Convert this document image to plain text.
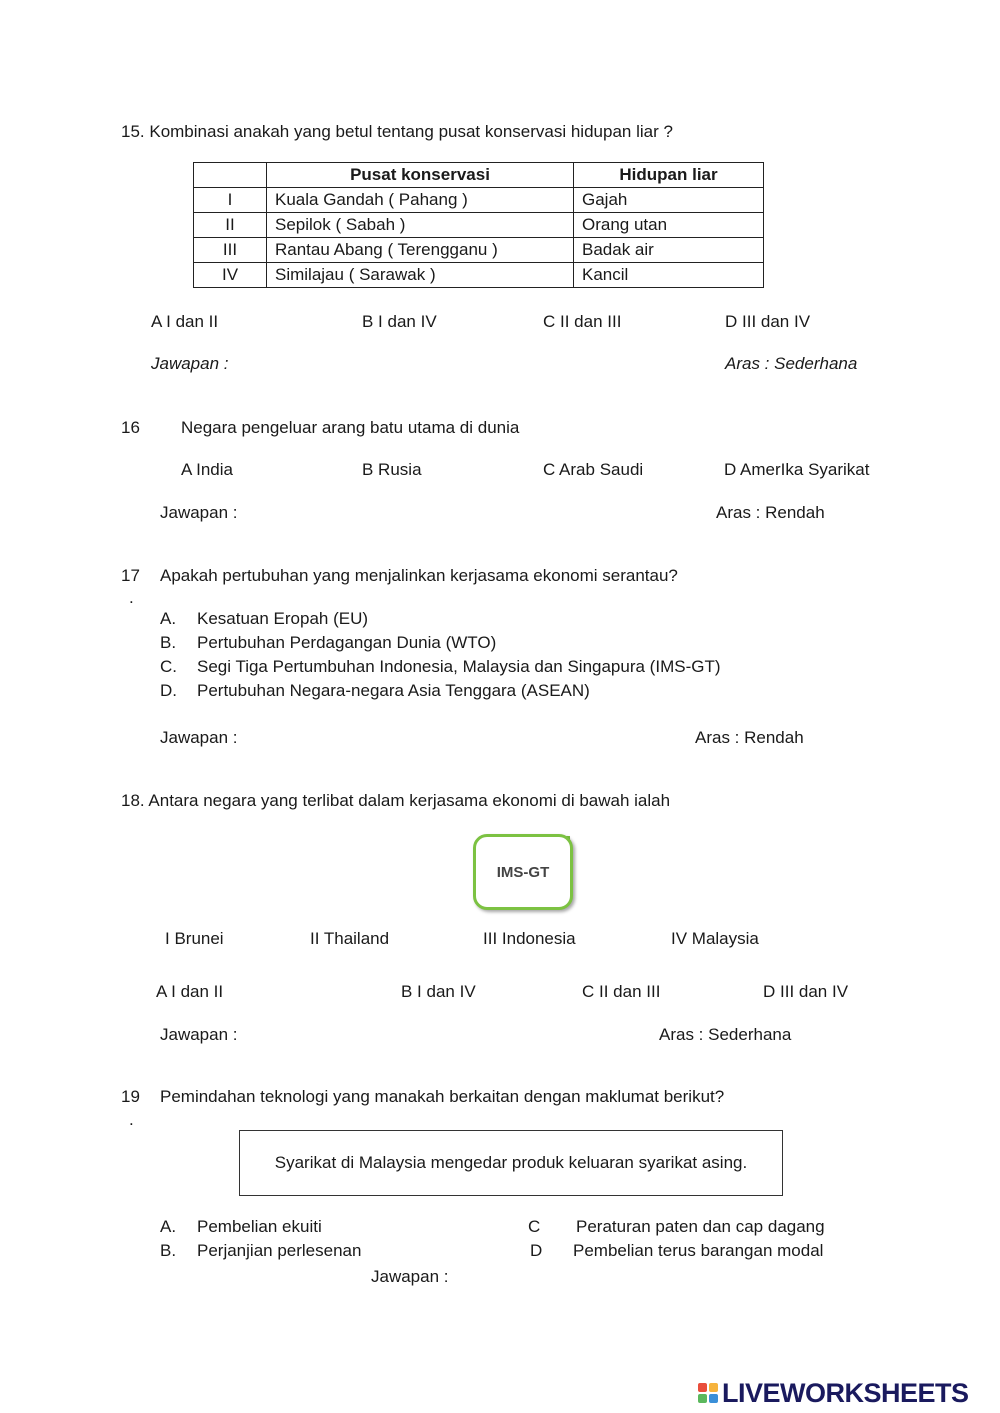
15. Kombinasi anakah yang betul tentang pusat konservasi hidupan liar ?
	Pusat konservasi	Hidupan liar
I	Kuala Gandah ( Pahang )	Gajah
II	Sepilok ( Sabah )	Orang utan
III	Rantau Abang ( Terengganu )	Badak air
IV	Similajau ( Sarawak )	Kancil
A I dan II	B I dan IV	C II dan III	D III dan IV
Jawapan :	Aras : Sederhana
16 Negara pengeluar arang batu utama di dunia
A India	B Rusia	C Arab Saudi	D AmerIka Syarikat
Jawapan :	Aras : Rendah
17 Apakah pertubuhan yang menjalinkan kerjasama ekonomi serantau?
.
A. Kesatuan Eropah (EU)
B. Pertubuhan Perdagangan Dunia (WTO)
C. Segi Tiga Pertumbuhan Indonesia, Malaysia dan Singapura (IMS-GT)
D. Pertubuhan Negara-negara Asia Tenggara (ASEAN)
Jawapan :	Aras : Rendah
18. Antara negara yang terlibat dalam kerjasama ekonomi di bawah ialah
IMS-GT
I Brunei	II Thailand	III Indonesia	IV Malaysia
A I dan II	B I dan IV	C II dan III	D III dan IV
Jawapan :	Aras : Sederhana
19 Pemindahan teknologi yang manakah berkaitan dengan maklumat berikut?
.
Syarikat di Malaysia mengedar produk keluaran syarikat asing.
A. Pembelian ekuiti
B. Perjanjian perlesenan
C Peraturan paten dan cap dagang
D Pembelian terus barangan modal
Jawapan :
LIVEWORKSHEETS
